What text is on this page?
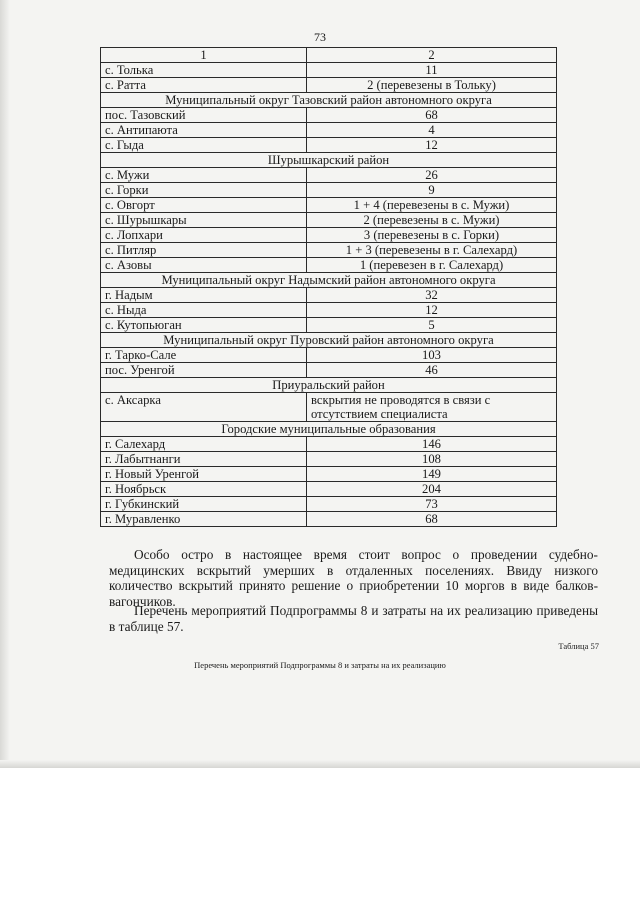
73
1	2
с. Толька	11
с. Ратта	2 (перевезены в Тольку)
Муниципальный округ Тазовский район автономного округа	
пос. Тазовский	68
с. Антипаюта	4
с. Гыда	12
Шурышкарский район	
с. Мужи	26
с. Горки	9
с. Овгорт	1 + 4 (перевезены в с. Мужи)
с. Шурышкары	2 (перевезены в с. Мужи)
с. Лопхари	3 (перевезены в с. Горки)
с. Питляр	1 + 3 (перевезены в г. Салехард)
с. Азовы	1 (перевезен в г. Салехард)
Муниципальный округ Надымский район автономного округа	
г. Надым	32
с. Ныда	12
с. Кутопьюган	5
Муниципальный округ Пуровский район автономного округа	
г. Тарко-Сале	103
пос. Уренгой	46
Приуральский район	
с. Аксарка	вскрытия не проводятся в связи с отсутствием специалиста
Городские муниципальные образования	
г. Салехард	146
г. Лабытнанги	108
г. Новый Уренгой	149
г. Ноябрьск	204
г. Губкинский	73
г. Муравленко	68

Особо остро в настоящее время стоит вопрос о проведении судебно-медицинских вскрытий умерших в отдаленных поселениях. Ввиду низкого количество вскрытий принято решение о приобретении 10 моргов в виде балков-вагончиков.

Перечень мероприятий Подпрограммы 8 и затраты на их реализацию приведены в таблице 57.

Таблица 57
Перечень мероприятий Подпрограммы 8 и затраты на их реализацию
